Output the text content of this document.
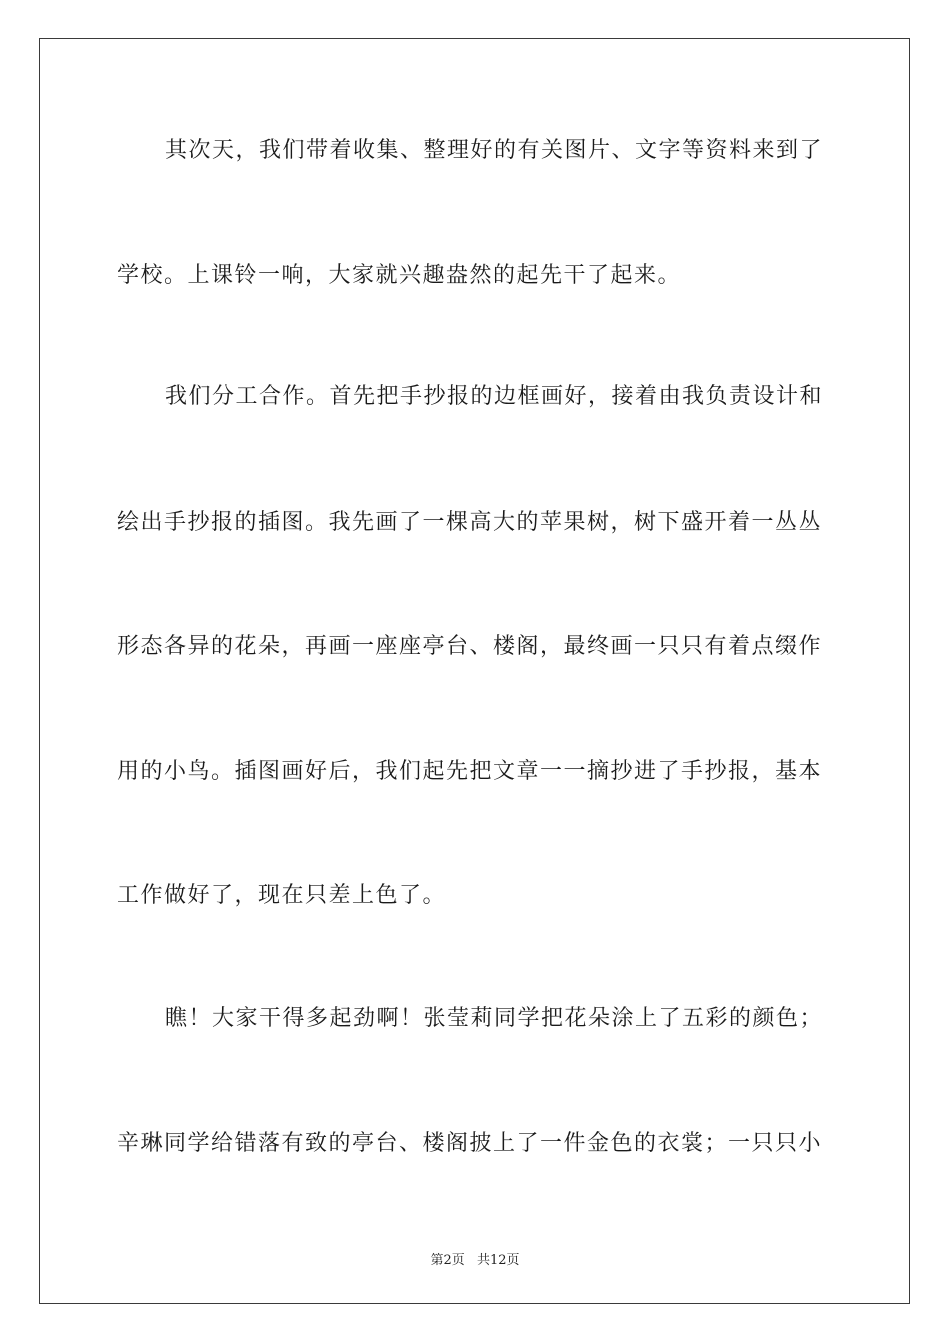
其次天，我们带着收集、整理好的有关图片、文字等资料来到了
学校。上课铃一响，大家就兴趣盎然的起先干了起来。
我们分工合作。首先把手抄报的边框画好，接着由我负责设计和
绘出手抄报的插图。我先画了一棵高大的苹果树，树下盛开着一丛丛
形态各异的花朵，再画一座座亭台、楼阁，最终画一只只有着点缀作
用的小鸟。插图画好后，我们起先把文章一一摘抄进了手抄报，基本
工作做好了，现在只差上色了。
瞧！大家干得多起劲啊！张莹莉同学把花朵涂上了五彩的颜色；
辛琳同学给错落有致的亭台、楼阁披上了一件金色的衣裳；一只只小
第2页 共12页
